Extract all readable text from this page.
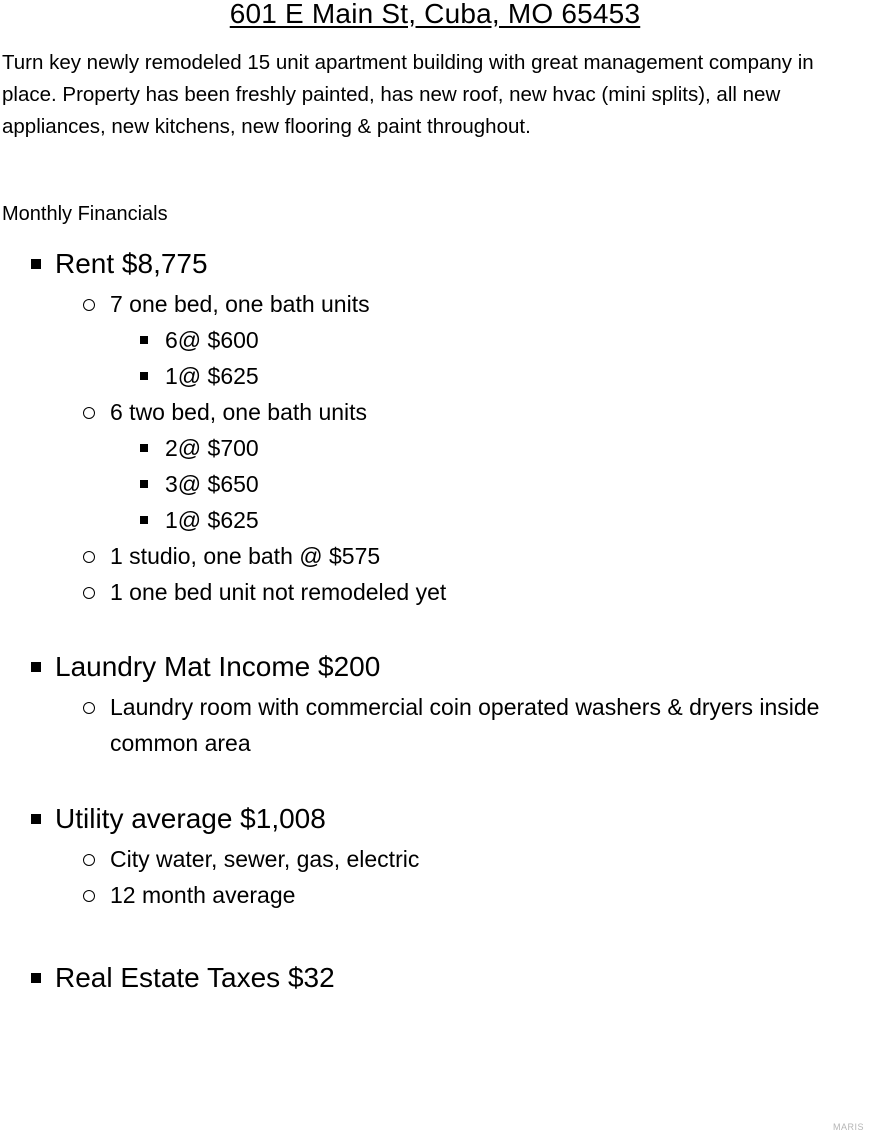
601 E Main St, Cuba, MO 65453
Turn key newly remodeled 15 unit apartment building with great management company in place. Property has been freshly painted, has new roof, new hvac (mini splits), all new appliances, new kitchens, new flooring & paint throughout.
Monthly Financials
Rent $8,775
7 one bed, one bath units
6@ $600
1@ $625
6 two bed, one bath units
2@ $700
3@ $650
1@ $625
1 studio, one bath @ $575
1 one bed unit not remodeled yet
Laundry Mat Income $200
Laundry room with commercial coin operated washers & dryers inside common area
Utility average $1,008
City water, sewer, gas, electric
12 month average
Real Estate Taxes $32
MARIS
